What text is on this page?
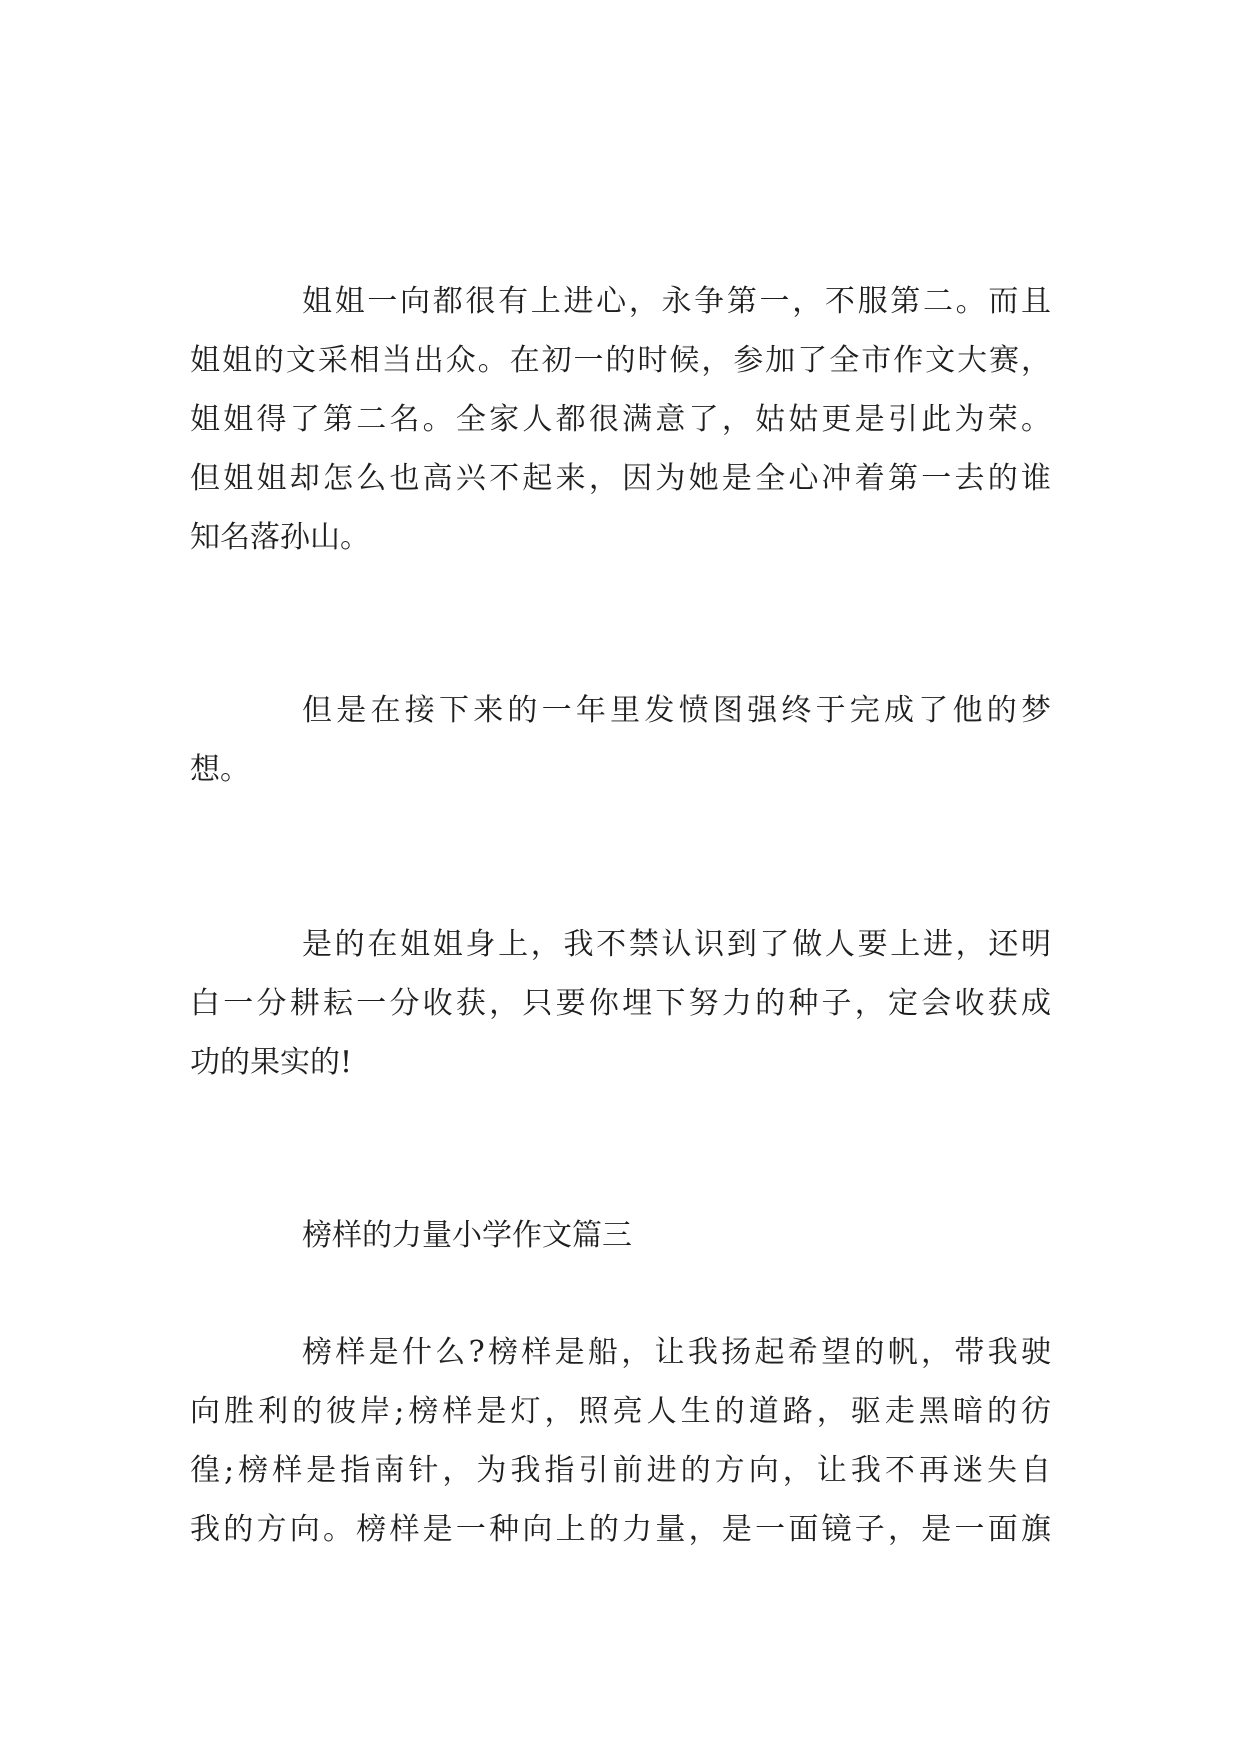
姐姐一向都很有上进心，永争第一，不服第二。而且
姐姐的文采相当出众。在初一的时候，参加了全市作文大赛，
姐姐得了第二名。全家人都很满意了，姑姑更是引此为荣。
但姐姐却怎么也高兴不起来，因为她是全心冲着第一去的谁
知名落孙山。
但是在接下来的一年里发愤图强终于完成了他的梦
想。
是的在姐姐身上，我不禁认识到了做人要上进，还明
白一分耕耘一分收获，只要你埋下努力的种子，定会收获成
功的果实的!
榜样的力量小学作文篇三
榜样是什么?榜样是船，让我扬起希望的帆，带我驶
向胜利的彼岸;榜样是灯，照亮人生的道路，驱走黑暗的彷
徨;榜样是指南针，为我指引前进的方向，让我不再迷失自
我的方向。榜样是一种向上的力量，是一面镜子，是一面旗
